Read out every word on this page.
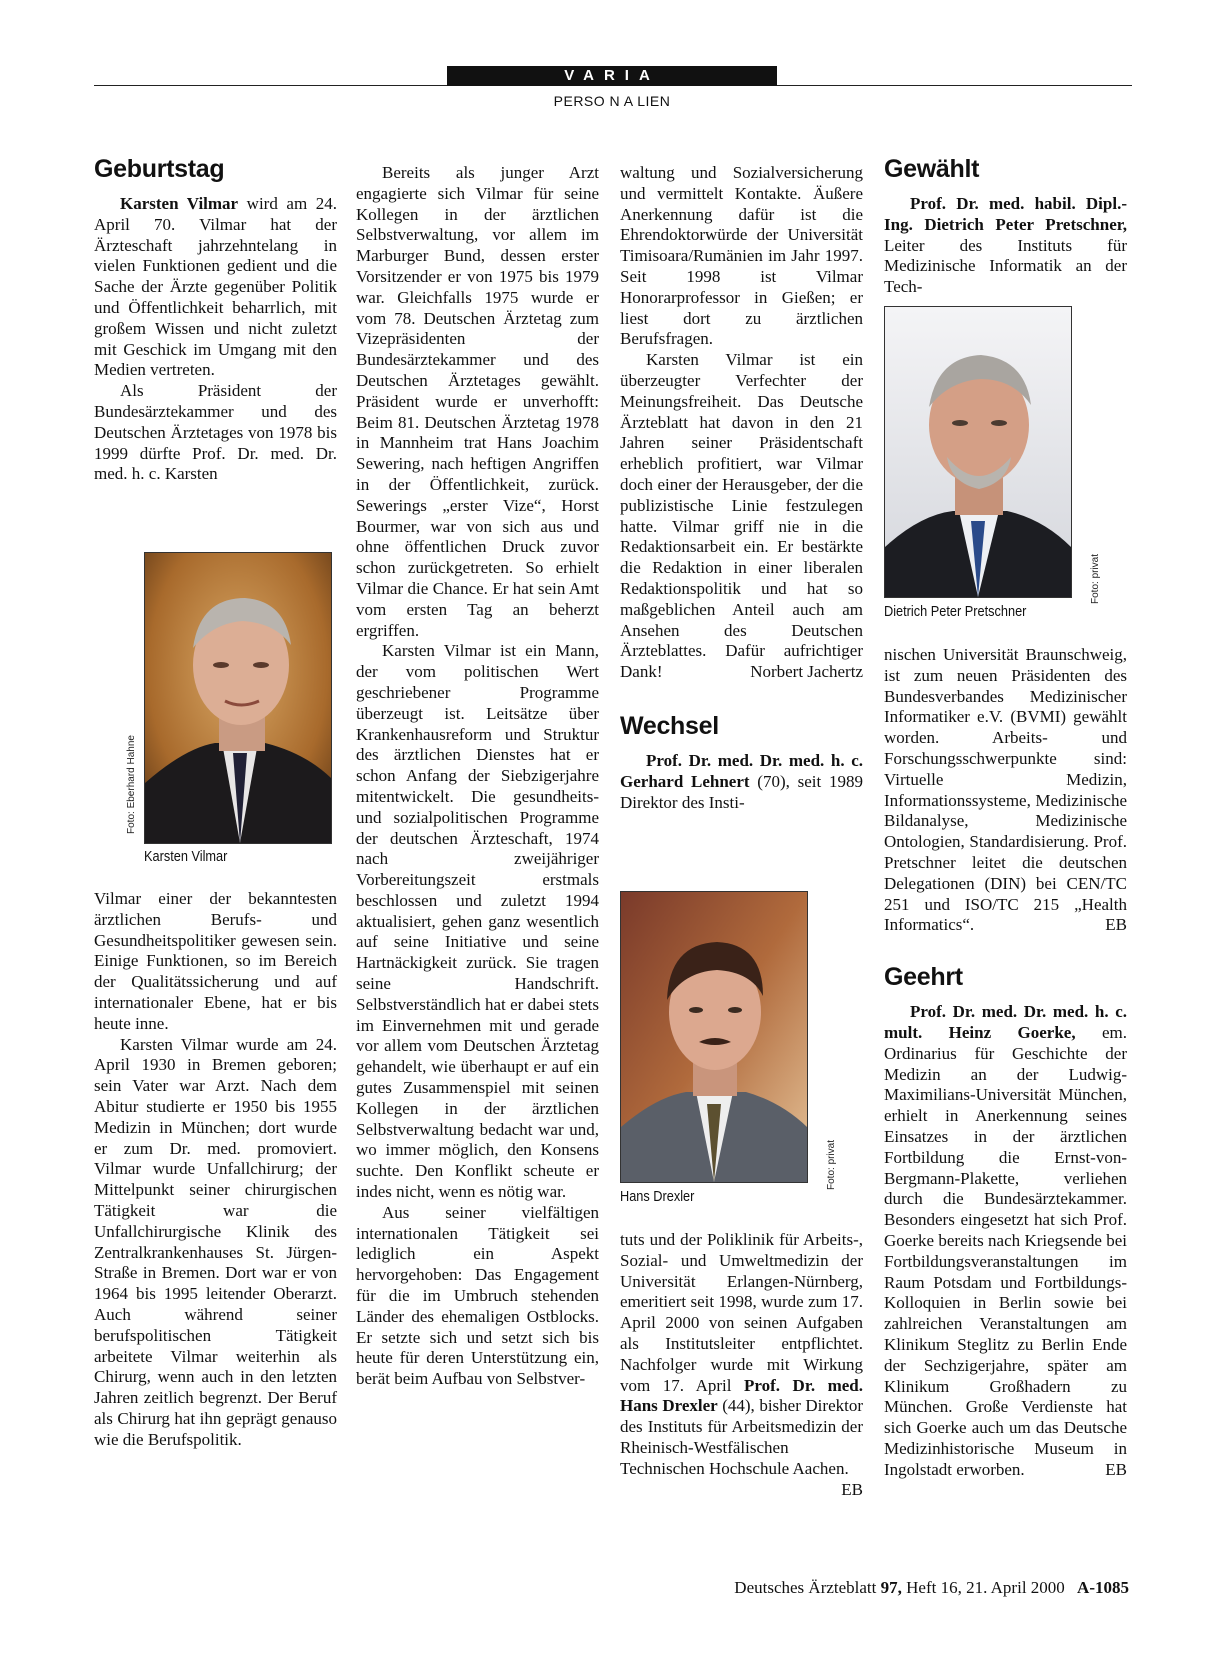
VARIA
PERSO N A LIEN
Geburtstag

Karsten Vilmar wird am 24. April 70. Vilmar hat der Ärzteschaft jahrzehntelang in vielen Funktionen gedient und die Sache der Ärzte gegenüber Politik und Öffentlichkeit beharrlich, mit großem Wissen und nicht zuletzt mit Geschick im Umgang mit den Medien vertreten.

Als Präsident der Bundesärztekammer und des Deutschen Ärztetages von 1978 bis 1999 dürfte Prof. Dr. med. Dr. med. h. c. Karsten

Foto: Eberhard Hahne
Karsten Vilmar

Vilmar einer der bekanntesten ärztlichen Berufs- und Gesundheitspolitiker gewesen sein. Einige Funktionen, so im Bereich der Qualitätssicherung und auf internationaler Ebene, hat er bis heute inne.

Karsten Vilmar wurde am 24. April 1930 in Bremen geboren; sein Vater war Arzt. Nach dem Abitur studierte er 1950 bis 1955 Medizin in München; dort wurde er zum Dr. med. promoviert. Vilmar wurde Unfallchirurg; der Mittelpunkt seiner chirurgischen Tätigkeit war die Unfallchirurgische Klinik des Zentralkrankenhauses St. Jürgen-Straße in Bremen. Dort war er von 1964 bis 1995 leitender Oberarzt. Auch während seiner berufspolitischen Tätigkeit arbeitete Vilmar weiterhin als Chirurg, wenn auch in den letzten Jahren zeitlich begrenzt. Der Beruf als Chirurg hat ihn geprägt genauso wie die Berufspolitik.

Bereits als junger Arzt engagierte sich Vilmar für seine Kollegen in der ärztlichen Selbstverwaltung, vor allem im Marburger Bund, dessen erster Vorsitzender er von 1975 bis 1979 war. Gleichfalls 1975 wurde er vom 78. Deutschen Ärztetag zum Vizepräsidenten der Bundesärztekammer und des Deutschen Ärztetages gewählt. Präsident wurde er unverhofft: Beim 81. Deutschen Ärztetag 1978 in Mannheim trat Hans Joachim Sewering, nach heftigen Angriffen in der Öffentlichkeit, zurück. Sewerings „erster Vize“, Horst Bourmer, war von sich aus und ohne öffentlichen Druck zuvor schon zurückgetreten. So erhielt Vilmar die Chance. Er hat sein Amt vom ersten Tag an beherzt ergriffen.

Karsten Vilmar ist ein Mann, der vom politischen Wert geschriebener Programme überzeugt ist. Leitsätze über Krankenhausreform und Struktur des ärztlichen Dienstes hat er schon Anfang der Siebzigerjahre mitentwickelt. Die gesundheits- und sozialpolitischen Programme der deutschen Ärzteschaft, 1974 nach zweijähriger Vorbereitungszeit erstmals beschlossen und zuletzt 1994 aktualisiert, gehen ganz wesentlich auf seine Initiative und seine Hartnäckigkeit zurück. Sie tragen seine Handschrift. Selbstverständlich hat er dabei stets im Einvernehmen mit und gerade vor allem vom Deutschen Ärztetag gehandelt, wie überhaupt er auf ein gutes Zusammenspiel mit seinen Kollegen in der ärztlichen Selbstverwaltung bedacht war und, wo immer möglich, den Konsens suchte. Den Konflikt scheute er indes nicht, wenn es nötig war.

Aus seiner vielfältigen internationalen Tätigkeit sei lediglich ein Aspekt hervorgehoben: Das Engagement für die im Umbruch stehenden Länder des ehemaligen Ostblocks. Er setzte sich und setzt sich bis heute für deren Unterstützung ein, berät beim Aufbau von Selbstver-

waltung und Sozialversicherung und vermittelt Kontakte. Äußere Anerkennung dafür ist die Ehrendoktorwürde der Universität Timisoara/Rumänien im Jahr 1997. Seit 1998 ist Vilmar Honorarprofessor in Gießen; er liest dort zu ärztlichen Berufsfragen.

Karsten Vilmar ist ein überzeugter Verfechter der Meinungsfreiheit. Das Deutsche Ärzteblatt hat davon in den 21 Jahren seiner Präsidentschaft erheblich profitiert, war Vilmar doch einer der Herausgeber, der die publizistische Linie festzulegen hatte. Vilmar griff nie in die Redaktionsarbeit ein. Er bestärkte die Redaktion in einer liberalen Redaktionspolitik und hat so maßgeblichen Anteil auch am Ansehen des Deutschen Ärzteblattes. Dafür aufrichtiger Dank!	Norbert Jachertz

Wechsel

Prof. Dr. med. Dr. med. h. c. Gerhard Lehnert (70), seit 1989 Direktor des Insti-

Foto: privat
Hans Drexler

tuts und der Poliklinik für Arbeits-, Sozial- und Umweltmedizin der Universität Erlangen-Nürnberg, emeritiert seit 1998, wurde zum 17. April 2000 von seinen Aufgaben als Institutsleiter entpflichtet. Nachfolger wurde mit Wirkung vom 17. April Prof. Dr. med. Hans Drexler (44), bisher Direktor des Instituts für Arbeitsmedizin der Rheinisch-Westfälischen Technischen Hochschule Aachen.
EB

Gewählt

Prof. Dr. med. habil. Dipl.-Ing. Dietrich Peter Pretschner, Leiter des Instituts für Medizinische Informatik an der Tech-

Foto: privat
Dietrich Peter Pretschner

nischen Universität Braunschweig, ist zum neuen Präsidenten des Bundesverbandes Medizinischer Informatiker e.V. (BVMI) gewählt worden. Arbeits- und Forschungsschwerpunkte sind: Virtuelle Medizin, Informationssysteme, Medizinische Bildanalyse, Medizinische Ontologien, Standardisierung. Prof. Pretschner leitet die deutschen Delegationen (DIN) bei CEN/TC 251 und ISO/TC 215 „Health Informatics“.	EB

Geehrt

Prof. Dr. med. Dr. med. h. c. mult. Heinz Goerke, em. Ordinarius für Geschichte der Medizin an der Ludwig-Maximilians-Universität München, erhielt in Anerkennung seines Einsatzes in der ärztlichen Fortbildung die Ernst-von-Bergmann-Plakette, verliehen durch die Bundesärztekammer. Besonders eingesetzt hat sich Prof. Goerke bereits nach Kriegsende bei Fortbildungsveranstaltungen im Raum Potsdam und Fortbildungs-Kolloquien in Berlin sowie bei zahlreichen Veranstaltungen am Klinikum Steglitz zu Berlin Ende der Sechzigerjahre, später am Klinikum Großhadern zu München. Große Verdienste hat sich Goerke auch um das Deutsche Medizinhistorische Museum in Ingolstadt erworben.	EB

Deutsches Ärzteblatt 97, Heft 16, 21. April 2000 A-1085
